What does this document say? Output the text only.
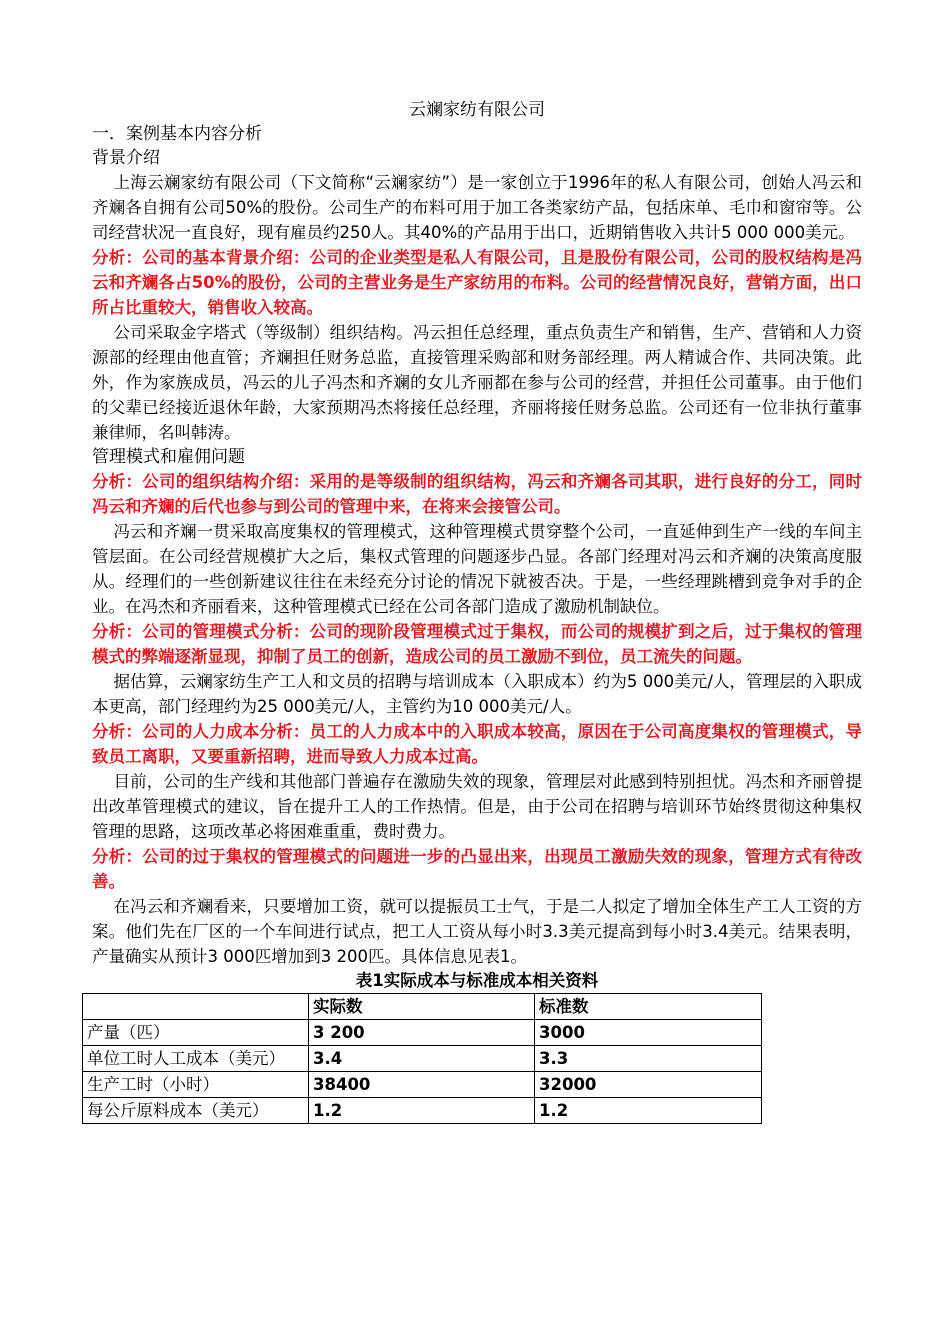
云斓家纺有限公司

一．案例基本内容分析

背景介绍

上海云斓家纺有限公司（下文简称“云斓家纺”）是一家创立于1996年的私人有限公司，创始人冯云和齐斓各自拥有公司50%的股份。公司生产的布料可用于加工各类家纺产品，包括床单、毛巾和窗帘等。公司经营状况一直良好，现有雇员约250人。其40%的产品用于出口，近期销售收入共计5 000 000美元。

分析：公司的基本背景介绍：公司的企业类型是私人有限公司，且是股份有限公司，公司的股权结构是冯云和齐斓各占50%的股份，公司的主营业务是生产家纺用的布料。公司的经营情况良好，营销方面，出口所占比重较大，销售收入较高。

公司采取金字塔式（等级制）组织结构。冯云担任总经理，重点负责生产和销售，生产、营销和人力资源部的经理由他直管；齐斓担任财务总监，直接管理采购部和财务部经理。两人精诚合作、共同决策。此外，作为家族成员，冯云的儿子冯杰和齐斓的女儿齐丽都在参与公司的经营，并担任公司董事。由于他们的父辈已经接近退休年龄，大家预期冯杰将接任总经理，齐丽将接任财务总监。公司还有一位非执行董事兼律师，名叫韩涛。

管理模式和雇佣问题

分析：公司的组织结构介绍：采用的是等级制的组织结构，冯云和齐斓各司其职，进行良好的分工，同时冯云和齐斓的后代也参与到公司的管理中来，在将来会接管公司。

冯云和齐斓一贯采取高度集权的管理模式，这种管理模式贯穿整个公司，一直延伸到生产一线的车间主管层面。在公司经营规模扩大之后，集权式管理的问题逐步凸显。各部门经理对冯云和齐斓的决策高度服从。经理们的一些创新建议往往在未经充分讨论的情况下就被否决。于是，一些经理跳槽到竞争对手的企业。在冯杰和齐丽看来，这种管理模式已经在公司各部门造成了激励机制缺位。

分析：公司的管理模式分析：公司的现阶段管理模式过于集权，而公司的规模扩到之后，过于集权的管理模式的弊端逐渐显现，抑制了员工的创新，造成公司的员工激励不到位，员工流失的问题。

据估算，云斓家纺生产工人和文员的招聘与培训成本（入职成本）约为5 000美元/人，管理层的入职成本更高，部门经理约为25 000美元/人，主管约为10 000美元/人。

分析：公司的人力成本分析：员工的人力成本中的入职成本较高，原因在于公司高度集权的管理模式，导致员工离职，又要重新招聘，进而导致人力成本过高。

目前，公司的生产线和其他部门普遍存在激励失效的现象，管理层对此感到特别担忧。冯杰和齐丽曾提出改革管理模式的建议，旨在提升工人的工作热情。但是，由于公司在招聘与培训环节始终贯彻这种集权管理的思路，这项改革必将困难重重，费时费力。

分析：公司的过于集权的管理模式的问题进一步的凸显出来，出现员工激励失效的现象，管理方式有待改善。

在冯云和齐斓看来，只要增加工资，就可以提振员工士气，于是二人拟定了增加全体生产工人工资的方案。他们先在厂区的一个车间进行试点，把工人工资从每小时3.3美元提高到每小时3.4美元。结果表明，产量确实从预计3 000匹增加到3 200匹。具体信息见表1。

表1实际成本与标准成本相关资料

	实际数	标准数
产量（匹）	3 200	3000
单位工时人工成本（美元）	3.4	3.3
生产工时（小时）	38400	32000
每公斤原料成本（美元）	1.2	1.2
